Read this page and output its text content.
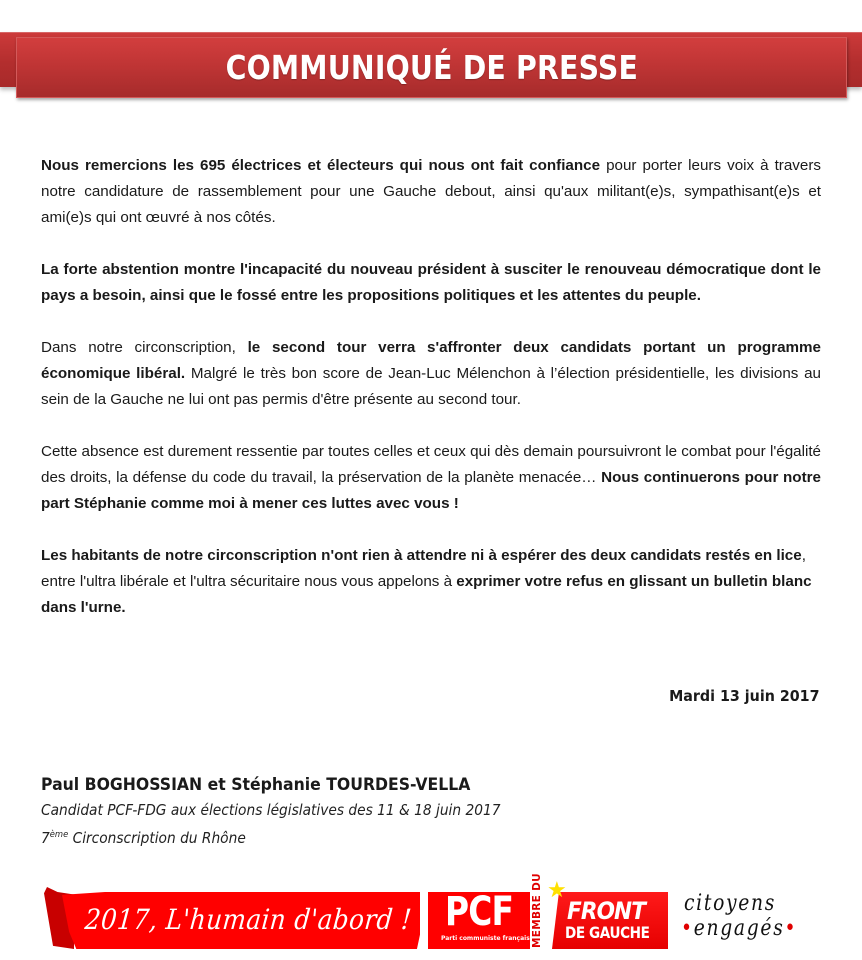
COMMUNIQUÉ DE PRESSE

Nous remercions les 695 électrices et électeurs qui nous ont fait confiance pour porter leurs voix à travers notre candidature de rassemblement pour une Gauche debout, ainsi qu'aux militant(e)s, sympathisant(e)s et ami(e)s qui ont œuvré à nos côtés.

La forte abstention montre l'incapacité du nouveau président à susciter le renouveau démocratique dont le pays a besoin, ainsi que le fossé entre les propositions politiques et les attentes du peuple.

Dans notre circonscription, le second tour verra s'affronter deux candidats portant un programme économique libéral. Malgré le très bon score de Jean-Luc Mélenchon à l’élection présidentielle, les divisions au sein de la Gauche ne lui ont pas permis d'être présente au second tour.

Cette absence est durement ressentie par toutes celles et ceux qui dès demain poursuivront le combat pour l'égalité des droits, la défense du code du travail, la préservation de la planète menacée… Nous continuerons pour notre part Stéphanie comme moi à mener ces luttes avec vous !

Les habitants de notre circonscription n'ont rien à attendre ni à espérer des deux candidats restés en lice, entre l'ultra libérale et l'ultra sécuritaire nous vous appelons à exprimer votre refus en glissant un bulletin blanc dans l'urne.

Mardi 13 juin 2017
Paul BOGHOSSIAN et Stéphanie TOURDES-VELLA
Candidat PCF-FDG aux élections législatives des 11 & 18 juin 2017
7ème Circonscription du Rhône
2017, L'humain d'abord ! PCF
Parti communiste français MEMBRE DU ★
FRONT
DE GAUCHE
citoyens
•engagés•
